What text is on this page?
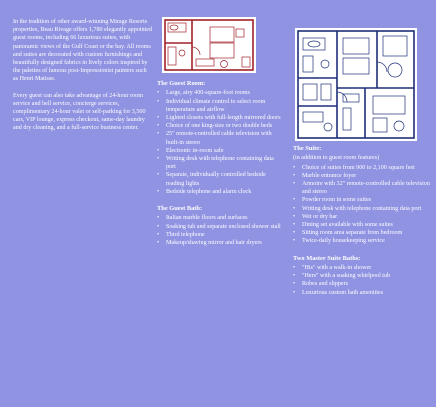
In the tradition of other award-winning Mirage Resorts properties, Beau Rivage offers 1,780 elegantly appointed guest rooms, including 66 luxurious suites, with panoramic views of the Gulf Coast or the bay. All rooms and suites are decorated with custom furnishings and beautifully designed fabrics in lively colors inspired by the palettes of famous post-Impressionist painters such as Henri Matisse.

Every guest can also take advantage of 24-hour room service and bell service, concierge services, complimentary 24-hour valet or self-parking for 3,500 cars, VIP lounge, express checkout, same-day laundry and dry cleaning, and a full-service business center.

The Guest Room:
• Large, airy 400-square-foot rooms
• Individual climate control to select room temperature and airflow
• Lighted closets with full-length mirrored doors
• Choice of one king-size or two double beds
• 25" remote-controlled cable television with built-in stereo
• Electronic in-room safe
• Writing desk with telephone containing data port
• Separate, individually controlled bedside reading lights
• Bedside telephone and alarm clock
The Guest Bath:
• Italian marble floors and surfaces
• Soaking tub and separate enclosed shower stall
• Third telephone
• Makeup/shaving mirror and hair dryers
The Suite:
(in addition to guest room features)
• Choice of suites from 900 to 2,100 square feet
• Marble entrance foyer
• Armoire with 32" remote-controlled cable television and stereo
• Powder room in some suites
• Writing desk with telephone containing data port
• Wet or dry bar
• Dining set available with some suites
• Sitting room area separate from bedroom
• Twice-daily housekeeping service
Two Master Suite Baths:
• "His" with a walk-in shower
• "Hers" with a soaking whirlpool tub
• Robes and slippers
• Luxurious custom bath amenities
